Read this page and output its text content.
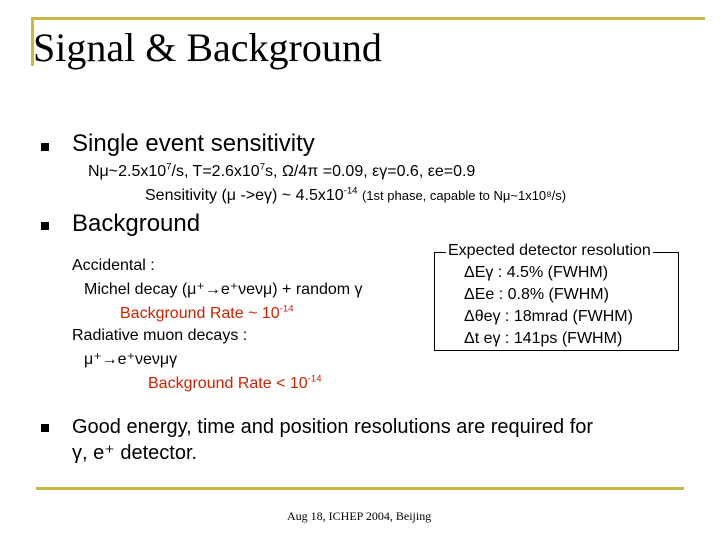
Signal & Background
Single event sensitivity
$N\mu\sim 2.5x10^7/s$, $T=2.6x10^7s$, Ω/4π =0.09, εγ=0.6, εe=0.9
Sensitivity (μ ->eγ) ~ $4.5x10^{-14}$ (1st phase, capable to Nμ~1x10⁸/s)
Background
Accidental :
Michel decay (μ⁺→e⁺νeνμ) + random γ
Background Rate ~ $10^{-14}$
Radiative muon decays :
μ⁺→e⁺νeνμγ
Background Rate < $10^{-14}$
Expected detector resolution
ΔEγ : 4.5% (FWHM)
ΔEe : 0.8% (FWHM)
Δθeγ : 18mrad (FWHM)
Δt eγ : 141ps (FWHM)
Good energy, time and position resolutions are required for
γ, e⁺ detector.
Aug 18, ICHEP 2004, Beijing
